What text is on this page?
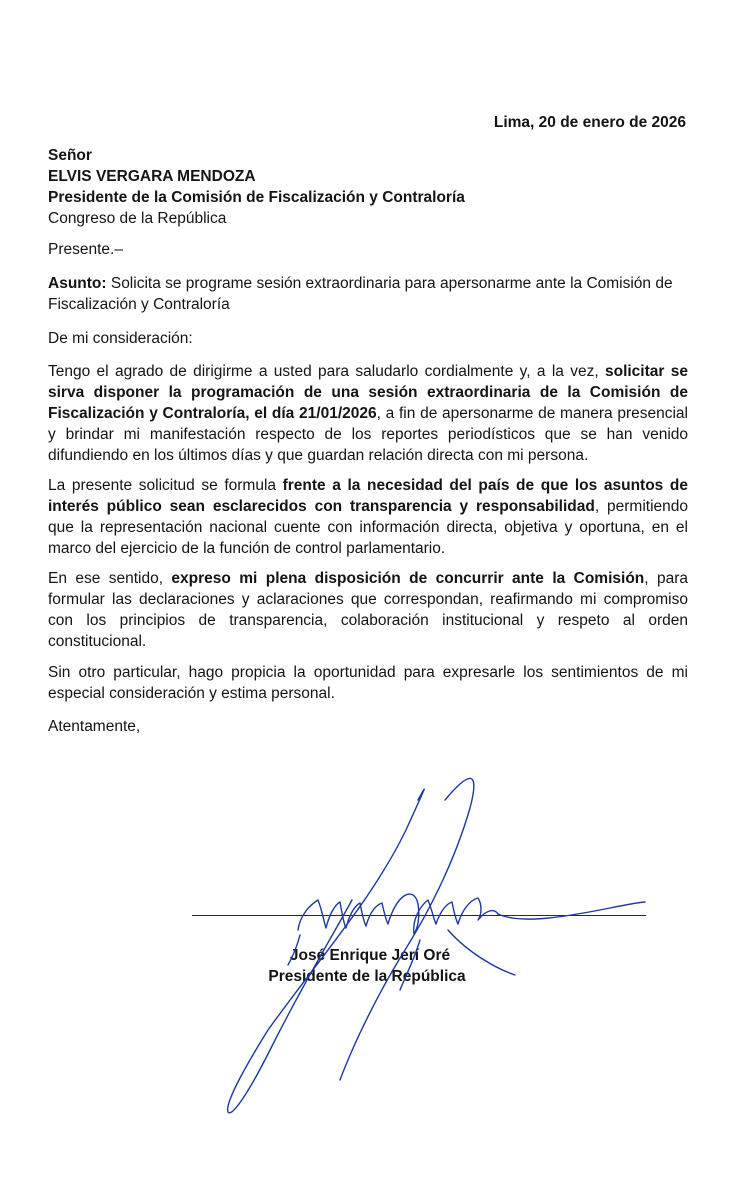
Lima, 20 de enero de 2026
Señor
ELVIS VERGARA MENDOZA
Presidente de la Comisión de Fiscalización y Contraloría
Congreso de la República
Presente.–
Asunto: Solicita se programe sesión extraordinaria para apersonarme ante la Comisión de Fiscalización y Contraloría
De mi consideración:
Tengo el agrado de dirigirme a usted para saludarlo cordialmente y, a la vez, solicitar se sirva disponer la programación de una sesión extraordinaria de la Comisión de Fiscalización y Contraloría, el día 21/01/2026, a fin de apersonarme de manera presencial y brindar mi manifestación respecto de los reportes periodísticos que se han venido difundiendo en los últimos días y que guardan relación directa con mi persona.
La presente solicitud se formula frente a la necesidad del país de que los asuntos de interés público sean esclarecidos con transparencia y responsabilidad, permitiendo que la representación nacional cuente con información directa, objetiva y oportuna, en el marco del ejercicio de la función de control parlamentario.
En ese sentido, expreso mi plena disposición de concurrir ante la Comisión, para formular las declaraciones y aclaraciones que correspondan, reafirmando mi compromiso con los principios de transparencia, colaboración institucional y respeto al orden constitucional.
Sin otro particular, hago propicia la oportunidad para expresarle los sentimientos de mi especial consideración y estima personal.
Atentamente,
José Enrique Jerí Oré
Presidente de la República
